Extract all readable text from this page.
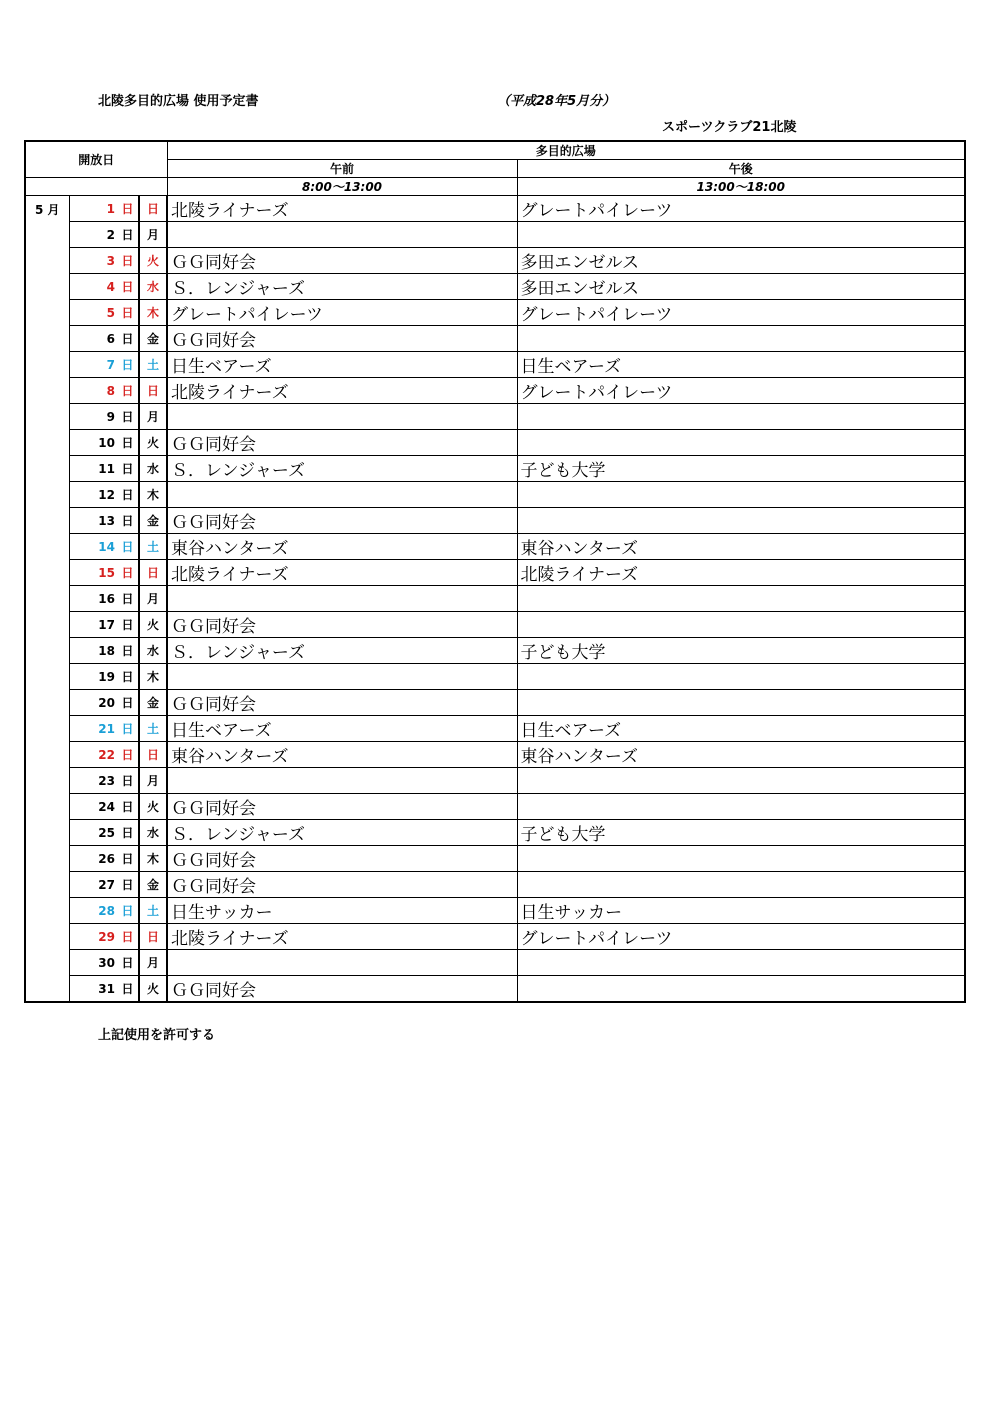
北陵多目的広場 使用予定書	（平成28年5月分）
スポーツクラブ21北陵
開放日				多目的広場	
				午前	午後
				8:00～13:00	13:00～18:00
5 月	1	日	日	北陵ライナーズ	グレートパイレーツ
	2	日	月		
	3	日	火	ＧＧ同好会	多田エンゼルス
	4	日	水	Ｓ．レンジャーズ	多田エンゼルス
	5	日	木	グレートパイレーツ	グレートパイレーツ
	6	日	金	ＧＧ同好会	
	7	日	土	日生ベアーズ	日生ベアーズ
	8	日	日	北陵ライナーズ	グレートパイレーツ
	9	日	月		
	10	日	火	ＧＧ同好会	
	11	日	水	Ｓ．レンジャーズ	子ども大学
	12	日	木		
	13	日	金	ＧＧ同好会	
	14	日	土	東谷ハンターズ	東谷ハンターズ
	15	日	日	北陵ライナーズ	北陵ライナーズ
	16	日	月		
	17	日	火	ＧＧ同好会	
	18	日	水	Ｓ．レンジャーズ	子ども大学
	19	日	木		
	20	日	金	ＧＧ同好会	
	21	日	土	日生ベアーズ	日生ベアーズ
	22	日	日	東谷ハンターズ	東谷ハンターズ
	23	日	月		
	24	日	火	ＧＧ同好会	
	25	日	水	Ｓ．レンジャーズ	子ども大学
	26	日	木	ＧＧ同好会	
	27	日	金	ＧＧ同好会	
	28	日	土	日生サッカー	日生サッカー
	29	日	日	北陵ライナーズ	グレートパイレーツ
	30	日	月		
	31	日	火	ＧＧ同好会	
上記使用を許可する
